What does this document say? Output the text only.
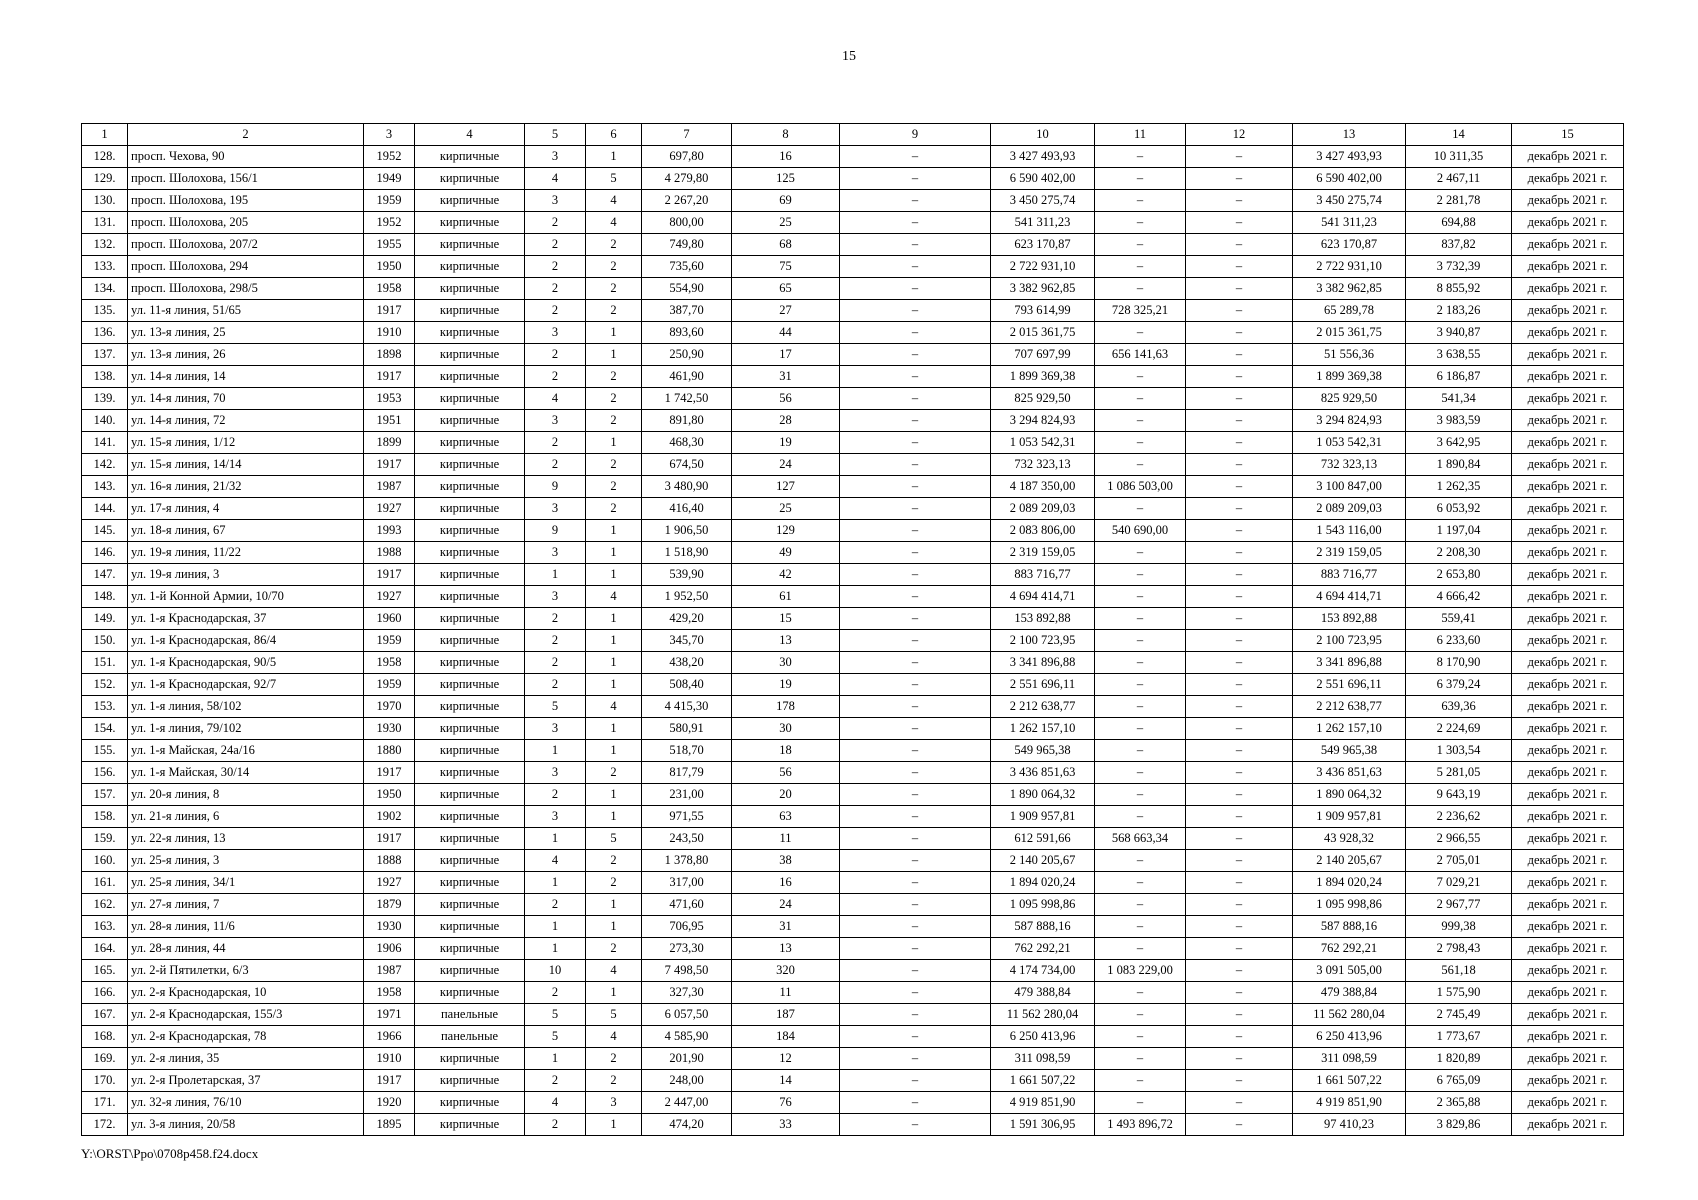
15
1	2	3	4	5	6	7	8	9	10	11	12	13	14	15
128.	просп. Чехова, 90	1952	кирпичные	3	1	697,80	16	–	3 427 493,93	–	–	3 427 493,93	10 311,35	декабрь 2021 г.
129.	просп. Шолохова, 156/1	1949	кирпичные	4	5	4 279,80	125	–	6 590 402,00	–	–	6 590 402,00	2 467,11	декабрь 2021 г.
130.	просп. Шолохова, 195	1959	кирпичные	3	4	2 267,20	69	–	3 450 275,74	–	–	3 450 275,74	2 281,78	декабрь 2021 г.
131.	просп. Шолохова, 205	1952	кирпичные	2	4	800,00	25	–	541 311,23	–	–	541 311,23	694,88	декабрь 2021 г.
132.	просп. Шолохова, 207/2	1955	кирпичные	2	2	749,80	68	–	623 170,87	–	–	623 170,87	837,82	декабрь 2021 г.
133.	просп. Шолохова, 294	1950	кирпичные	2	2	735,60	75	–	2 722 931,10	–	–	2 722 931,10	3 732,39	декабрь 2021 г.
134.	просп. Шолохова, 298/5	1958	кирпичные	2	2	554,90	65	–	3 382 962,85	–	–	3 382 962,85	8 855,92	декабрь 2021 г.
135.	ул. 11-я линия, 51/65	1917	кирпичные	2	2	387,70	27	–	793 614,99	728 325,21	–	65 289,78	2 183,26	декабрь 2021 г.
136.	ул. 13-я линия, 25	1910	кирпичные	3	1	893,60	44	–	2 015 361,75	–	–	2 015 361,75	3 940,87	декабрь 2021 г.
137.	ул. 13-я линия, 26	1898	кирпичные	2	1	250,90	17	–	707 697,99	656 141,63	–	51 556,36	3 638,55	декабрь 2021 г.
138.	ул. 14-я линия, 14	1917	кирпичные	2	2	461,90	31	–	1 899 369,38	–	–	1 899 369,38	6 186,87	декабрь 2021 г.
139.	ул. 14-я линия, 70	1953	кирпичные	4	2	1 742,50	56	–	825 929,50	–	–	825 929,50	541,34	декабрь 2021 г.
140.	ул. 14-я линия, 72	1951	кирпичные	3	2	891,80	28	–	3 294 824,93	–	–	3 294 824,93	3 983,59	декабрь 2021 г.
141.	ул. 15-я линия, 1/12	1899	кирпичные	2	1	468,30	19	–	1 053 542,31	–	–	1 053 542,31	3 642,95	декабрь 2021 г.
142.	ул. 15-я линия, 14/14	1917	кирпичные	2	2	674,50	24	–	732 323,13	–	–	732 323,13	1 890,84	декабрь 2021 г.
143.	ул. 16-я линия, 21/32	1987	кирпичные	9	2	3 480,90	127	–	4 187 350,00	1 086 503,00	–	3 100 847,00	1 262,35	декабрь 2021 г.
144.	ул. 17-я линия, 4	1927	кирпичные	3	2	416,40	25	–	2 089 209,03	–	–	2 089 209,03	6 053,92	декабрь 2021 г.
145.	ул. 18-я линия, 67	1993	кирпичные	9	1	1 906,50	129	–	2 083 806,00	540 690,00	–	1 543 116,00	1 197,04	декабрь 2021 г.
146.	ул. 19-я линия, 11/22	1988	кирпичные	3	1	1 518,90	49	–	2 319 159,05	–	–	2 319 159,05	2 208,30	декабрь 2021 г.
147.	ул. 19-я линия, 3	1917	кирпичные	1	1	539,90	42	–	883 716,77	–	–	883 716,77	2 653,80	декабрь 2021 г.
148.	ул. 1-й Конной Армии, 10/70	1927	кирпичные	3	4	1 952,50	61	–	4 694 414,71	–	–	4 694 414,71	4 666,42	декабрь 2021 г.
149.	ул. 1-я Краснодарская, 37	1960	кирпичные	2	1	429,20	15	–	153 892,88	–	–	153 892,88	559,41	декабрь 2021 г.
150.	ул. 1-я Краснодарская, 86/4	1959	кирпичные	2	1	345,70	13	–	2 100 723,95	–	–	2 100 723,95	6 233,60	декабрь 2021 г.
151.	ул. 1-я Краснодарская, 90/5	1958	кирпичные	2	1	438,20	30	–	3 341 896,88	–	–	3 341 896,88	8 170,90	декабрь 2021 г.
152.	ул. 1-я Краснодарская, 92/7	1959	кирпичные	2	1	508,40	19	–	2 551 696,11	–	–	2 551 696,11	6 379,24	декабрь 2021 г.
153.	ул. 1-я линия, 58/102	1970	кирпичные	5	4	4 415,30	178	–	2 212 638,77	–	–	2 212 638,77	639,36	декабрь 2021 г.
154.	ул. 1-я линия, 79/102	1930	кирпичные	3	1	580,91	30	–	1 262 157,10	–	–	1 262 157,10	2 224,69	декабрь 2021 г.
155.	ул. 1-я Майская, 24а/16	1880	кирпичные	1	1	518,70	18	–	549 965,38	–	–	549 965,38	1 303,54	декабрь 2021 г.
156.	ул. 1-я Майская, 30/14	1917	кирпичные	3	2	817,79	56	–	3 436 851,63	–	–	3 436 851,63	5 281,05	декабрь 2021 г.
157.	ул. 20-я линия, 8	1950	кирпичные	2	1	231,00	20	–	1 890 064,32	–	–	1 890 064,32	9 643,19	декабрь 2021 г.
158.	ул. 21-я линия, 6	1902	кирпичные	3	1	971,55	63	–	1 909 957,81	–	–	1 909 957,81	2 236,62	декабрь 2021 г.
159.	ул. 22-я линия, 13	1917	кирпичные	1	5	243,50	11	–	612 591,66	568 663,34	–	43 928,32	2 966,55	декабрь 2021 г.
160.	ул. 25-я линия, 3	1888	кирпичные	4	2	1 378,80	38	–	2 140 205,67	–	–	2 140 205,67	2 705,01	декабрь 2021 г.
161.	ул. 25-я линия, 34/1	1927	кирпичные	1	2	317,00	16	–	1 894 020,24	–	–	1 894 020,24	7 029,21	декабрь 2021 г.
162.	ул. 27-я линия, 7	1879	кирпичные	2	1	471,60	24	–	1 095 998,86	–	–	1 095 998,86	2 967,77	декабрь 2021 г.
163.	ул. 28-я линия, 11/6	1930	кирпичные	1	1	706,95	31	–	587 888,16	–	–	587 888,16	999,38	декабрь 2021 г.
164.	ул. 28-я линия, 44	1906	кирпичные	1	2	273,30	13	–	762 292,21	–	–	762 292,21	2 798,43	декабрь 2021 г.
165.	ул. 2-й Пятилетки, 6/3	1987	кирпичные	10	4	7 498,50	320	–	4 174 734,00	1 083 229,00	–	3 091 505,00	561,18	декабрь 2021 г.
166.	ул. 2-я Краснодарская, 10	1958	кирпичные	2	1	327,30	11	–	479 388,84	–	–	479 388,84	1 575,90	декабрь 2021 г.
167.	ул. 2-я Краснодарская, 155/3	1971	панельные	5	5	6 057,50	187	–	11 562 280,04	–	–	11 562 280,04	2 745,49	декабрь 2021 г.
168.	ул. 2-я Краснодарская, 78	1966	панельные	5	4	4 585,90	184	–	6 250 413,96	–	–	6 250 413,96	1 773,67	декабрь 2021 г.
169.	ул. 2-я линия, 35	1910	кирпичные	1	2	201,90	12	–	311 098,59	–	–	311 098,59	1 820,89	декабрь 2021 г.
170.	ул. 2-я Пролетарская, 37	1917	кирпичные	2	2	248,00	14	–	1 661 507,22	–	–	1 661 507,22	6 765,09	декабрь 2021 г.
171.	ул. 32-я линия, 76/10	1920	кирпичные	4	3	2 447,00	76	–	4 919 851,90	–	–	4 919 851,90	2 365,88	декабрь 2021 г.
172.	ул. 3-я линия, 20/58	1895	кирпичные	2	1	474,20	33	–	1 591 306,95	1 493 896,72	–	97 410,23	3 829,86	декабрь 2021 г.
Y:\ORST\Ppo\0708p458.f24.docx
